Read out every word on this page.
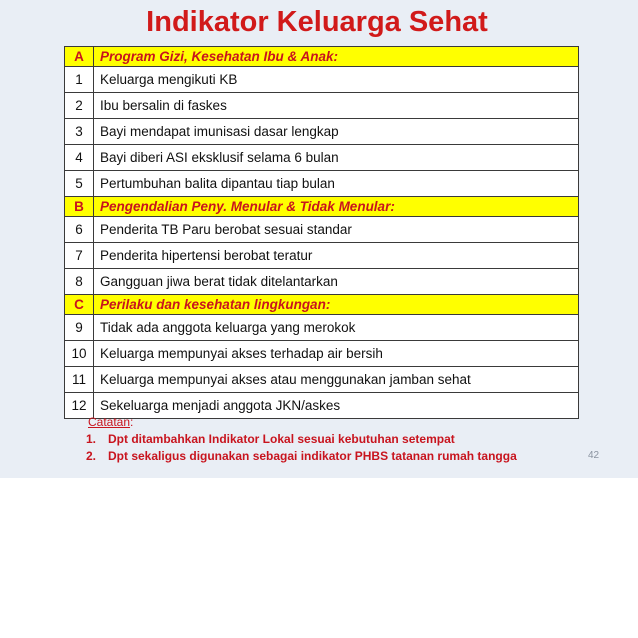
Indikator Keluarga Sehat
A	Program Gizi, Kesehatan Ibu & Anak:
1	Keluarga mengikuti KB
2	Ibu bersalin di faskes
3	Bayi mendapat imunisasi dasar lengkap
4	Bayi diberi ASI eksklusif selama 6 bulan
5	Pertumbuhan balita dipantau tiap bulan
B	Pengendalian Peny. Menular & Tidak Menular:
6	Penderita TB Paru berobat sesuai standar
7	Penderita hipertensi berobat teratur
8	Gangguan jiwa berat tidak ditelantarkan
C	Perilaku dan kesehatan lingkungan:
9	Tidak ada anggota keluarga yang merokok
10	Keluarga mempunyai akses terhadap air bersih
11	Keluarga mempunyai akses atau menggunakan jamban sehat
12	Sekeluarga menjadi anggota JKN/askes
Catatan:
1. Dpt ditambahkan Indikator Lokal sesuai kebutuhan setempat
2. Dpt sekaligus digunakan sebagai indikator PHBS tatanan rumah tangga	42
